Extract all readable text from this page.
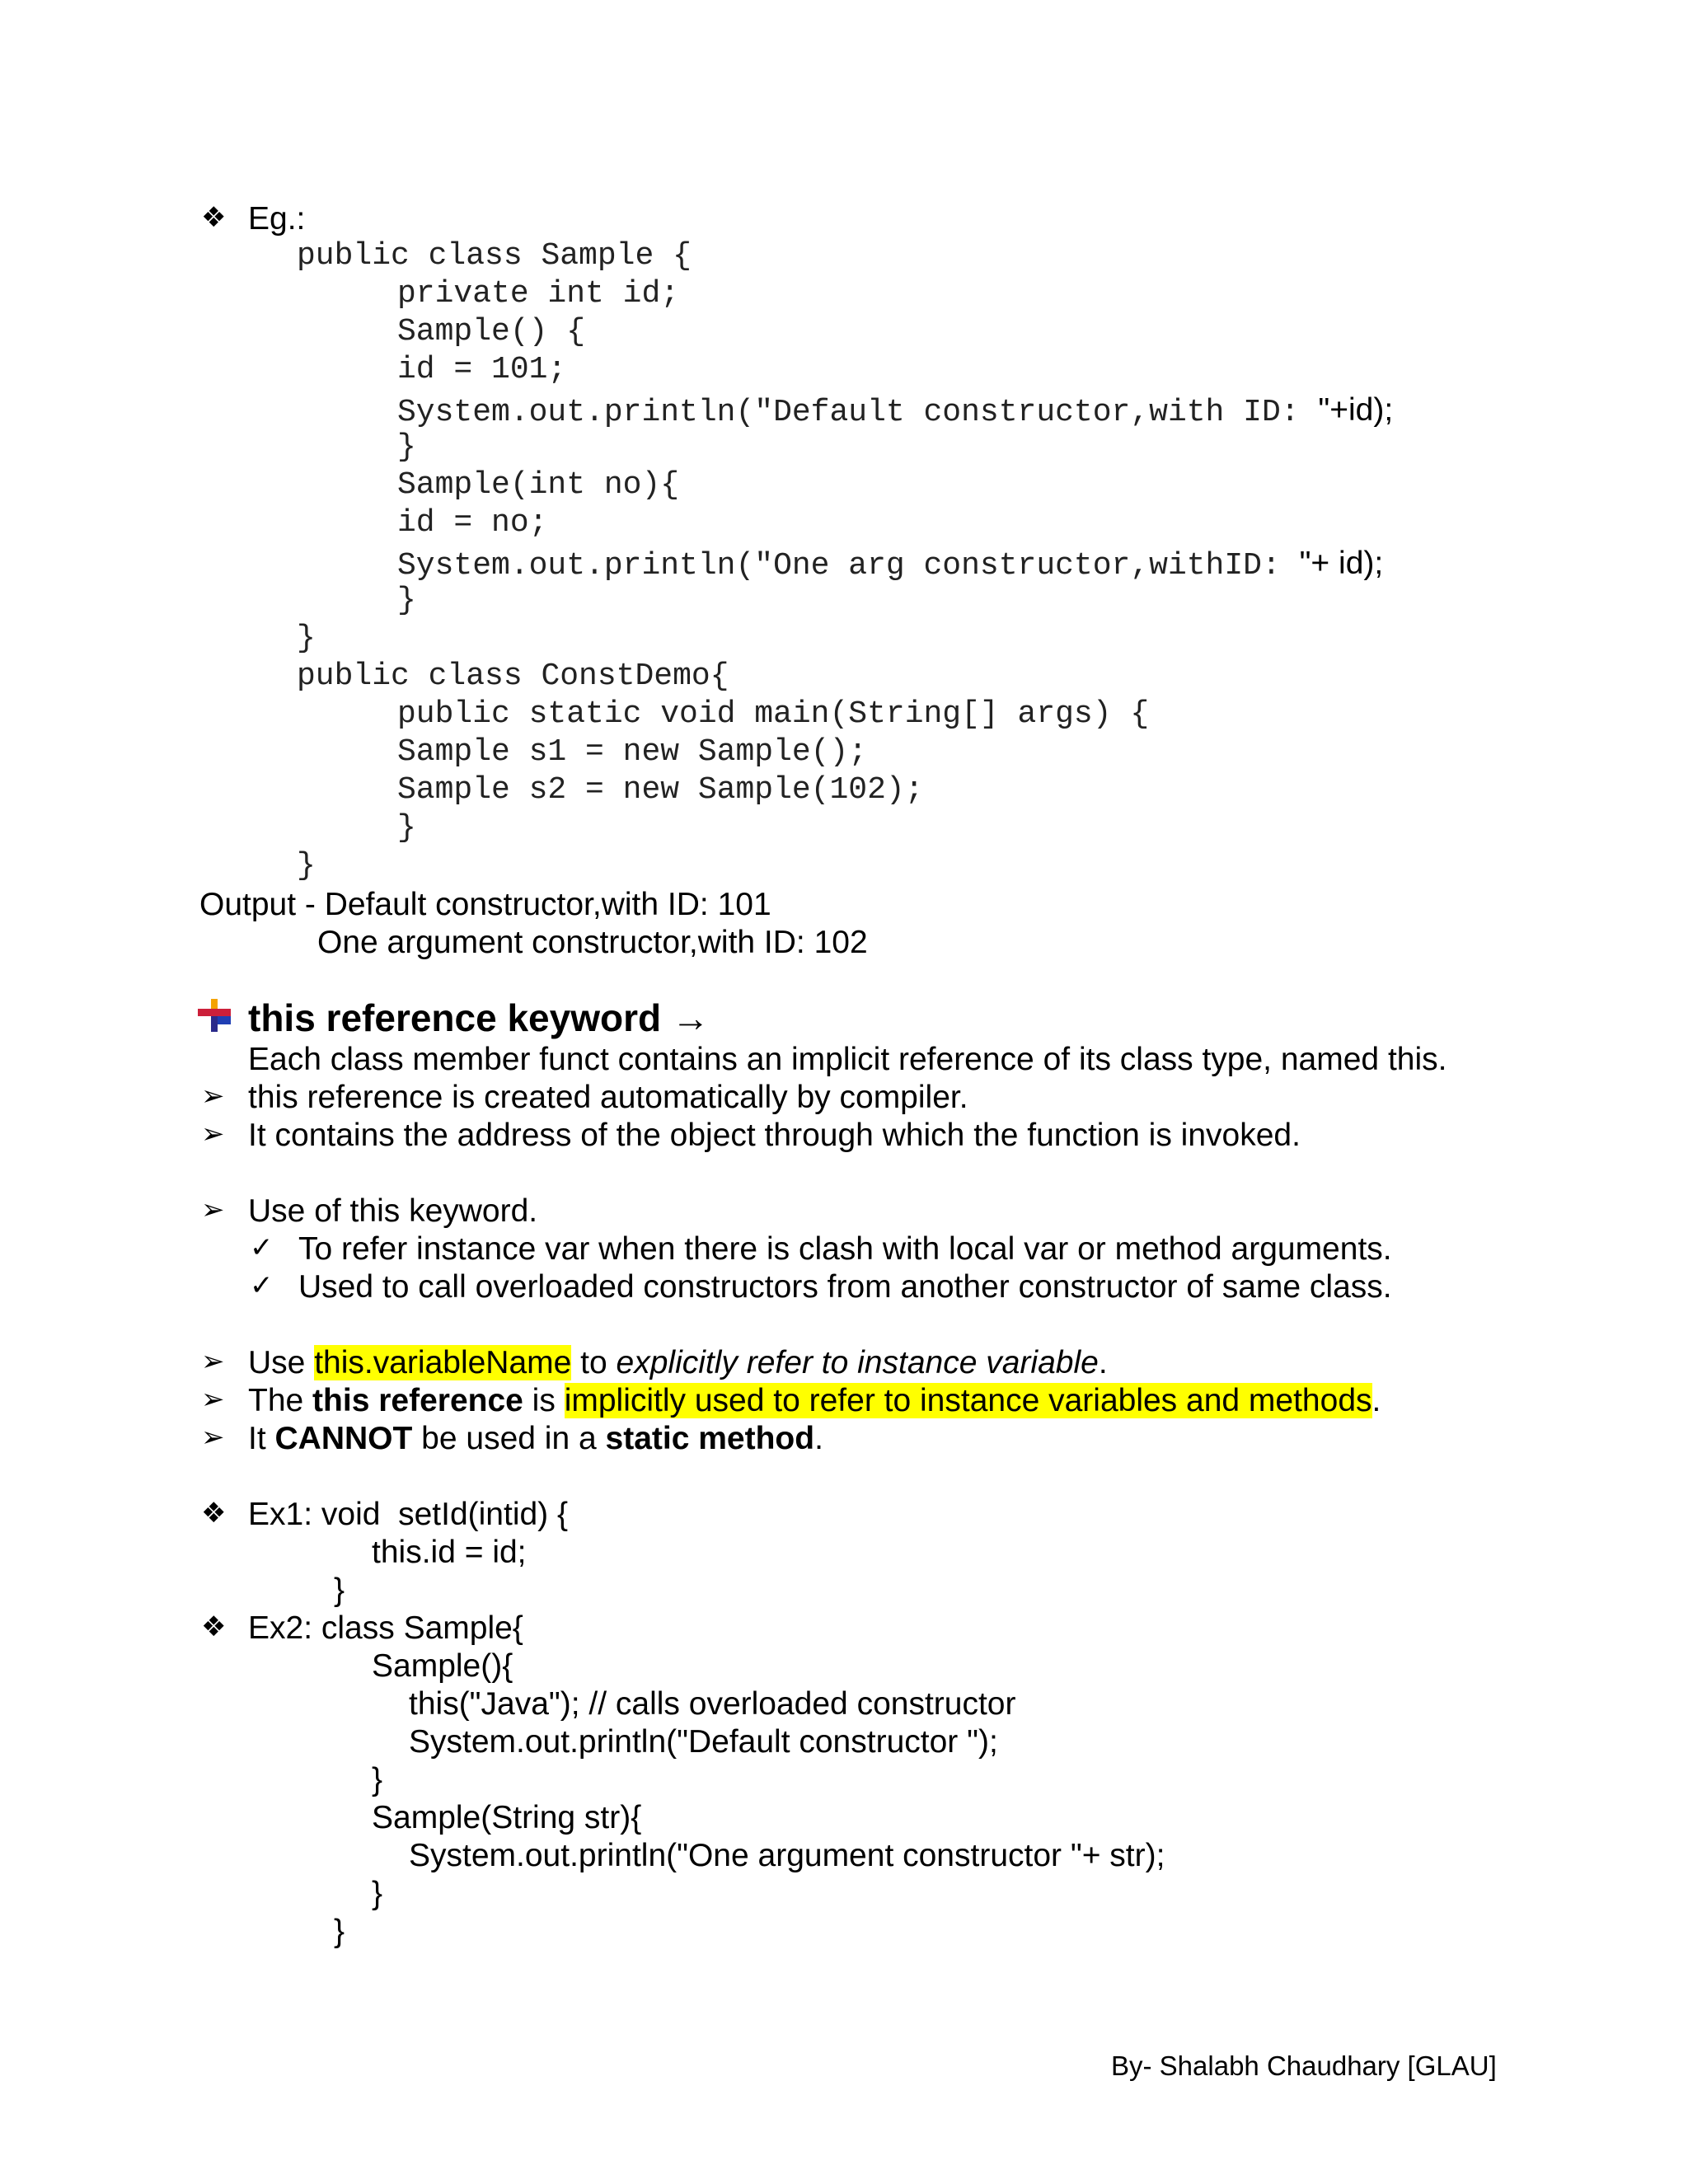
❖ Eg.:
public class Sample {
private int id;
Sample() {
id = 101;
System.out.println("Default constructor,with ID: "+id);
}
Sample(int no){
id = no;
System.out.println("One arg constructor,withID: "+ id);
}
}
public class ConstDemo{
public static void main(String[] args) {
Sample s1 = new Sample();
Sample s2 = new Sample(102);
}
}
Output - Default constructor,with ID: 101
One argument constructor,with ID: 102
this reference keyword →
Each class member funct contains an implicit reference of its class type, named this.
➢ this reference is created automatically by compiler.
➢ It contains the address of the object through which the function is invoked.
➢ Use of this keyword.
✓ To refer instance var when there is clash with local var or method arguments.
✓ Used to call overloaded constructors from another constructor of same class.
➢ Use this.variableName to explicitly refer to instance variable.
➢ The this reference is implicitly used to refer to instance variables and methods.
➢ It CANNOT be used in a static method.
❖ Ex1: void  setId(intid) {
this.id = id;
}
❖ Ex2: class Sample{
Sample(){
this("Java"); // calls overloaded constructor
System.out.println("Default constructor ");
}
Sample(String str){
System.out.println("One argument constructor "+ str);
}
}
By- Shalabh Chaudhary [GLAU]
